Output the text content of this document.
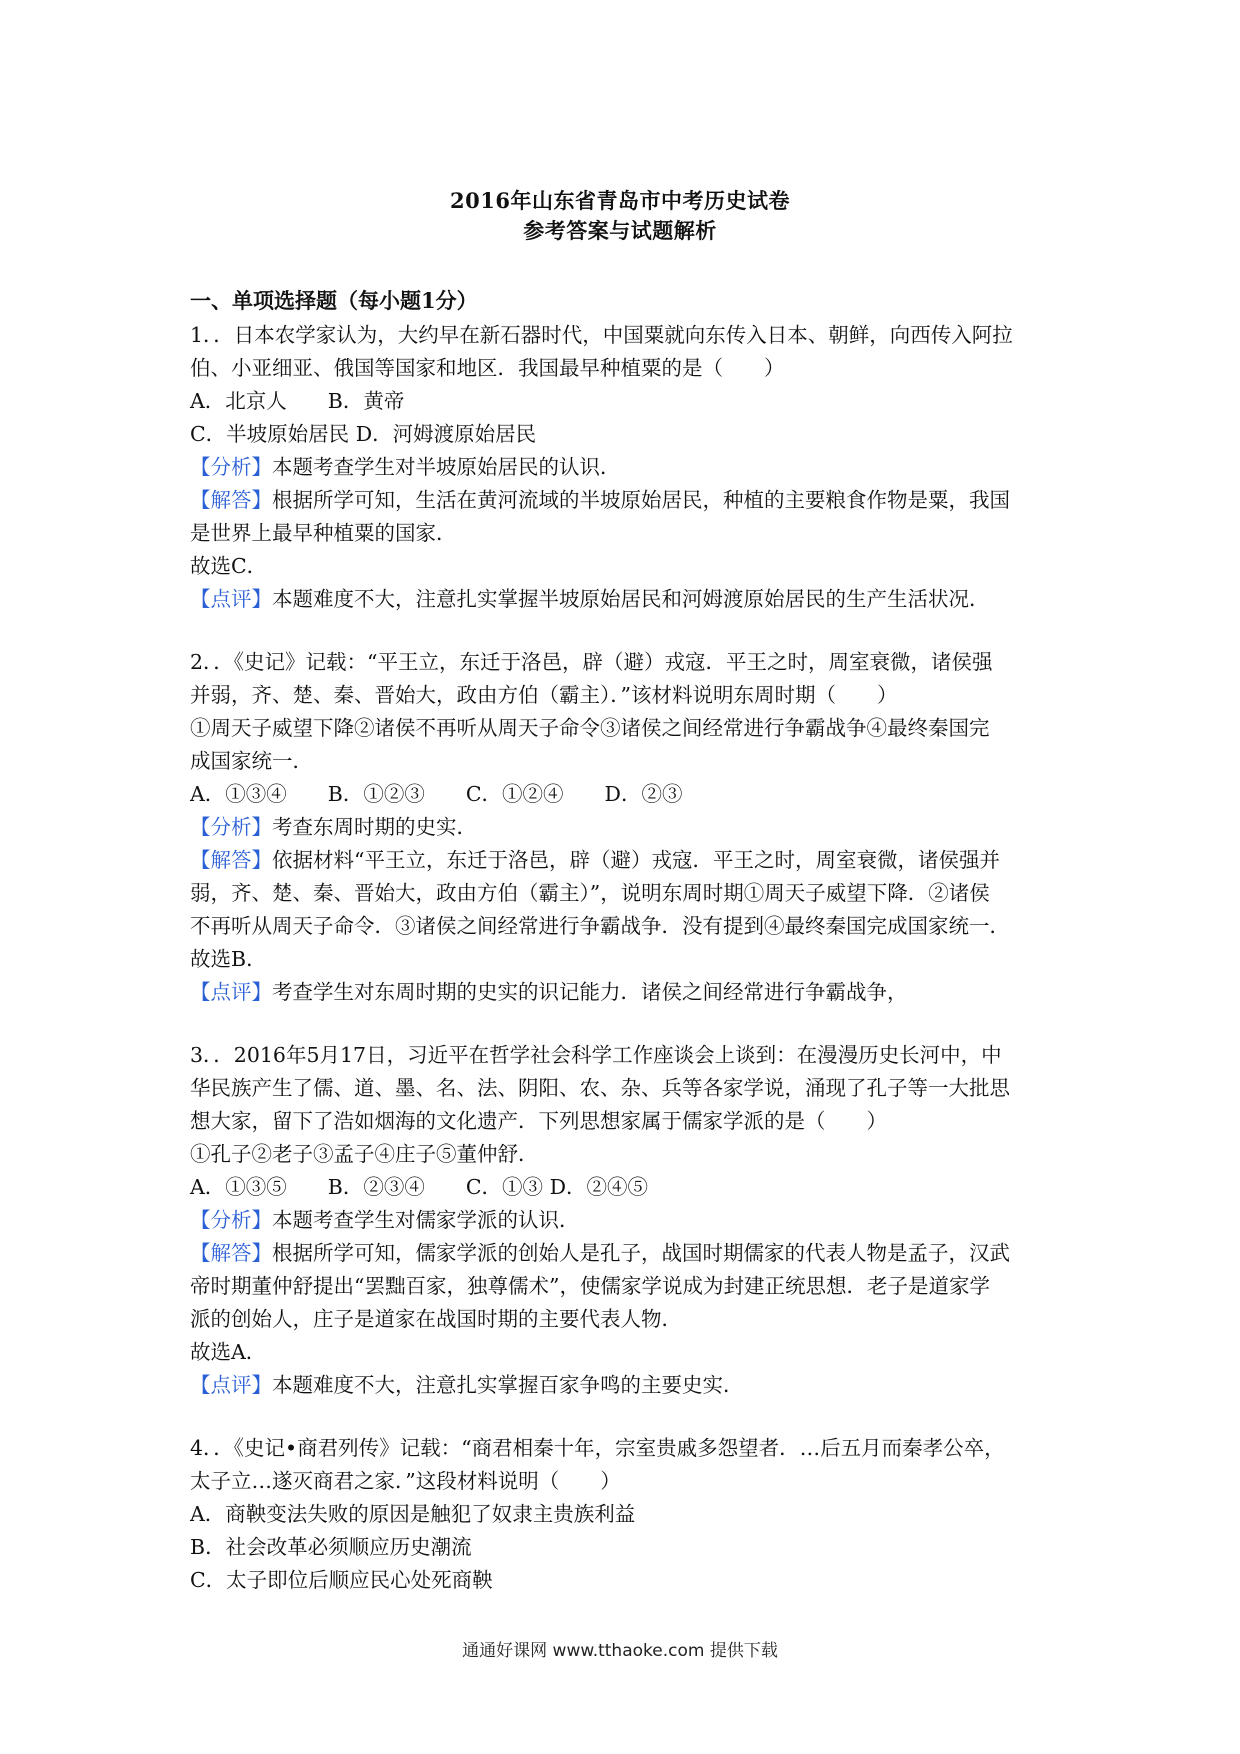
2016年山东省青岛市中考历史试卷
参考答案与试题解析
一、单项选择题（每小题1分）
1．．日本农学家认为，大约早在新石器时代，中国粟就向东传入日本、朝鲜，向西传入阿拉
伯、小亚细亚、俄国等国家和地区．我国最早种植粟的是（　　）
A．北京人　　B．黄帝
C．半坡原始居民 D．河姆渡原始居民
【分析】本题考查学生对半坡原始居民的认识．
【解答】根据所学可知，生活在黄河流域的半坡原始居民，种植的主要粮食作物是粟，我国
是世界上最早种植粟的国家．
故选C．
【点评】本题难度不大，注意扎实掌握半坡原始居民和河姆渡原始居民的生产生活状况．
2．．《史记》记载：“平王立，东迁于洛邑，辟（避）戎寇．平王之时，周室衰微，诸侯强
并弱，齐、楚、秦、晋始大，政由方伯（霸主）．”该材料说明东周时期（　　）
①周天子威望下降②诸侯不再听从周天子命令③诸侯之间经常进行争霸战争④最终秦国完
成国家统一．
A．①③④　　B．①②③　　C．①②④　　D．②③
【分析】考查东周时期的史实．
【解答】依据材料“平王立，东迁于洛邑，辟（避）戎寇．平王之时，周室衰微，诸侯强并
弱，齐、楚、秦、晋始大，政由方伯（霸主）”，说明东周时期①周天子威望下降．②诸侯
不再听从周天子命令．③诸侯之间经常进行争霸战争．没有提到④最终秦国完成国家统一．
故选B．
【点评】考查学生对东周时期的史实的识记能力．诸侯之间经常进行争霸战争，
3．．2016年5月17日，习近平在哲学社会科学工作座谈会上谈到：在漫漫历史长河中，中
华民族产生了儒、道、墨、名、法、阴阳、农、杂、兵等各家学说，涌现了孔子等一大批思
想大家，留下了浩如烟海的文化遗产．下列思想家属于儒家学派的是（　　）
①孔子②老子③孟子④庄子⑤董仲舒．
A．①③⑤　　B．②③④　　C．①③ D．②④⑤
【分析】本题考查学生对儒家学派的认识．
【解答】根据所学可知，儒家学派的创始人是孔子，战国时期儒家的代表人物是孟子，汉武
帝时期董仲舒提出“罢黜百家，独尊儒术”，使儒家学说成为封建正统思想．老子是道家学
派的创始人，庄子是道家在战国时期的主要代表人物．
故选A．
【点评】本题难度不大，注意扎实掌握百家争鸣的主要史实．
4．．《史记•商君列传》记载：“商君相秦十年，宗室贵戚多怨望者．…后五月而秦孝公卒，
太子立…遂灭商君之家．”这段材料说明（　　）
A．商鞅变法失败的原因是触犯了奴隶主贵族利益
B．社会改革必须顺应历史潮流
C．太子即位后顺应民心处死商鞅
通通好课网 www.tthaoke.com 提供下载
